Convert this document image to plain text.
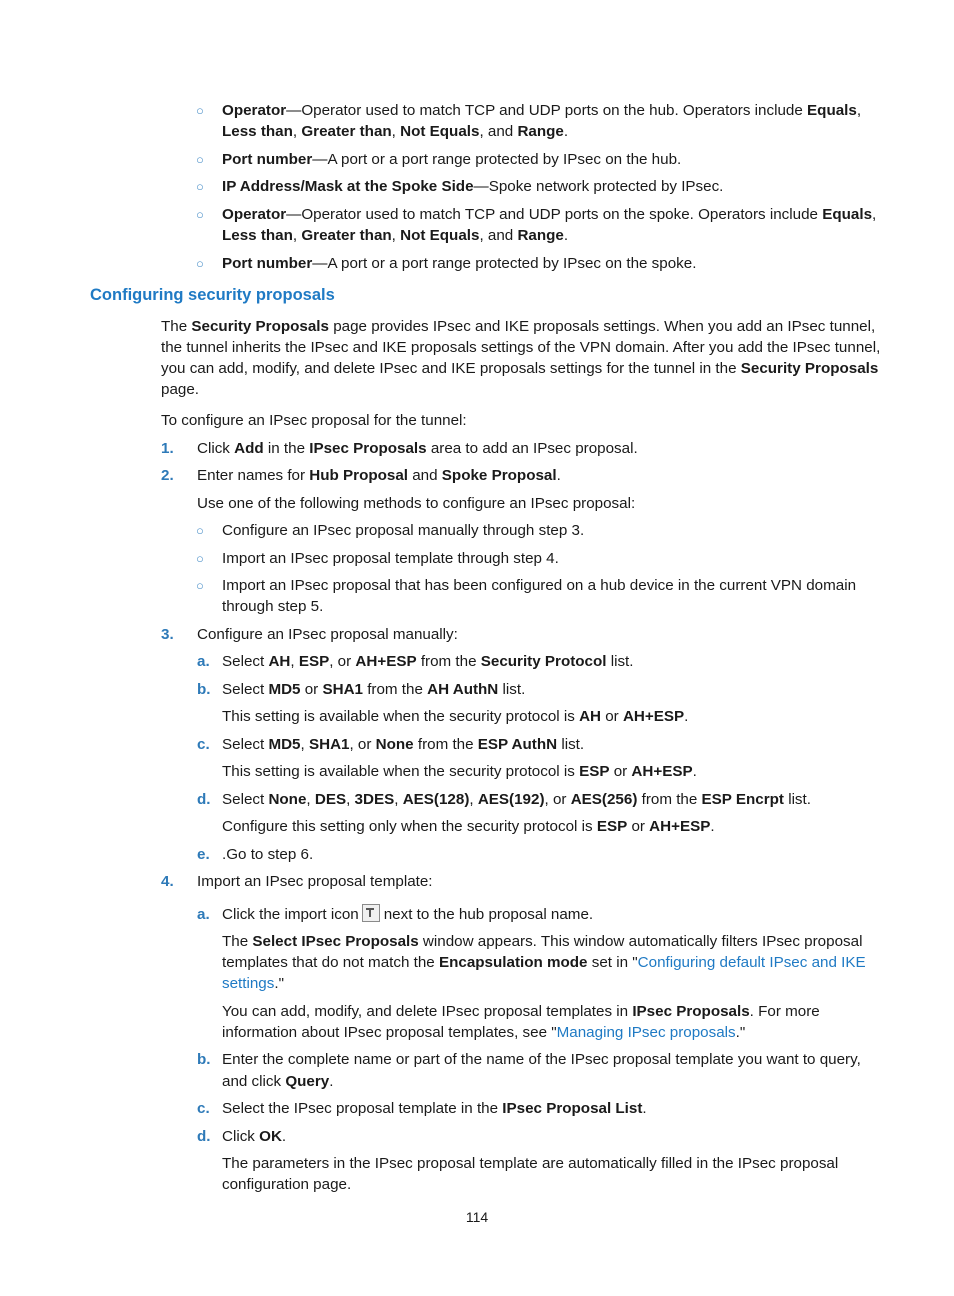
○ Operator—Operator used to match TCP and UDP ports on the hub. Operators include Equals,
Less than, Greater than, Not Equals, and Range.
○ Port number—A port or a port range protected by IPsec on the hub.
○ IP Address/Mask at the Spoke Side—Spoke network protected by IPsec.
○ Operator—Operator used to match TCP and UDP ports on the spoke. Operators include Equals,
Less than, Greater than, Not Equals, and Range.
○ Port number—A port or a port range protected by IPsec on the spoke.
Configuring security proposals
The Security Proposals page provides IPsec and IKE proposals settings. When you add an IPsec tunnel,
the tunnel inherits the IPsec and IKE proposals settings of the VPN domain. After you add the IPsec tunnel,
you can add, modify, and delete IPsec and IKE proposals settings for the tunnel in the Security Proposals
page.
To configure an IPsec proposal for the tunnel:
1. Click Add in the IPsec Proposals area to add an IPsec proposal.
2. Enter names for Hub Proposal and Spoke Proposal.
Use one of the following methods to configure an IPsec proposal:
○ Configure an IPsec proposal manually through step 3.
○ Import an IPsec proposal template through step 4.
○ Import an IPsec proposal that has been configured on a hub device in the current VPN domain
through step 5.
3. Configure an IPsec proposal manually:
a. Select AH, ESP, or AH+ESP from the Security Protocol list.
b. Select MD5 or SHA1 from the AH AuthN list.
This setting is available when the security protocol is AH or AH+ESP.
c. Select MD5, SHA1, or None from the ESP AuthN list.
This setting is available when the security protocol is ESP or AH+ESP.
d. Select None, DES, 3DES, AES(128), AES(192), or AES(256) from the ESP Encrpt list.
Configure this setting only when the security protocol is ESP or AH+ESP.
e. .Go to step 6.
4. Import an IPsec proposal template:
a. Click the import icon next to the hub proposal name.
The Select IPsec Proposals window appears. This window automatically filters IPsec proposal
templates that do not match the Encapsulation mode set in "Configuring default IPsec and IKE
settings."
You can add, modify, and delete IPsec proposal templates in IPsec Proposals. For more
information about IPsec proposal templates, see "Managing IPsec proposals."
b. Enter the complete name or part of the name of the IPsec proposal template you want to query,
and click Query.
c. Select the IPsec proposal template in the IPsec Proposal List.
d. Click OK.
The parameters in the IPsec proposal template are automatically filled in the IPsec proposal
configuration page.
114
